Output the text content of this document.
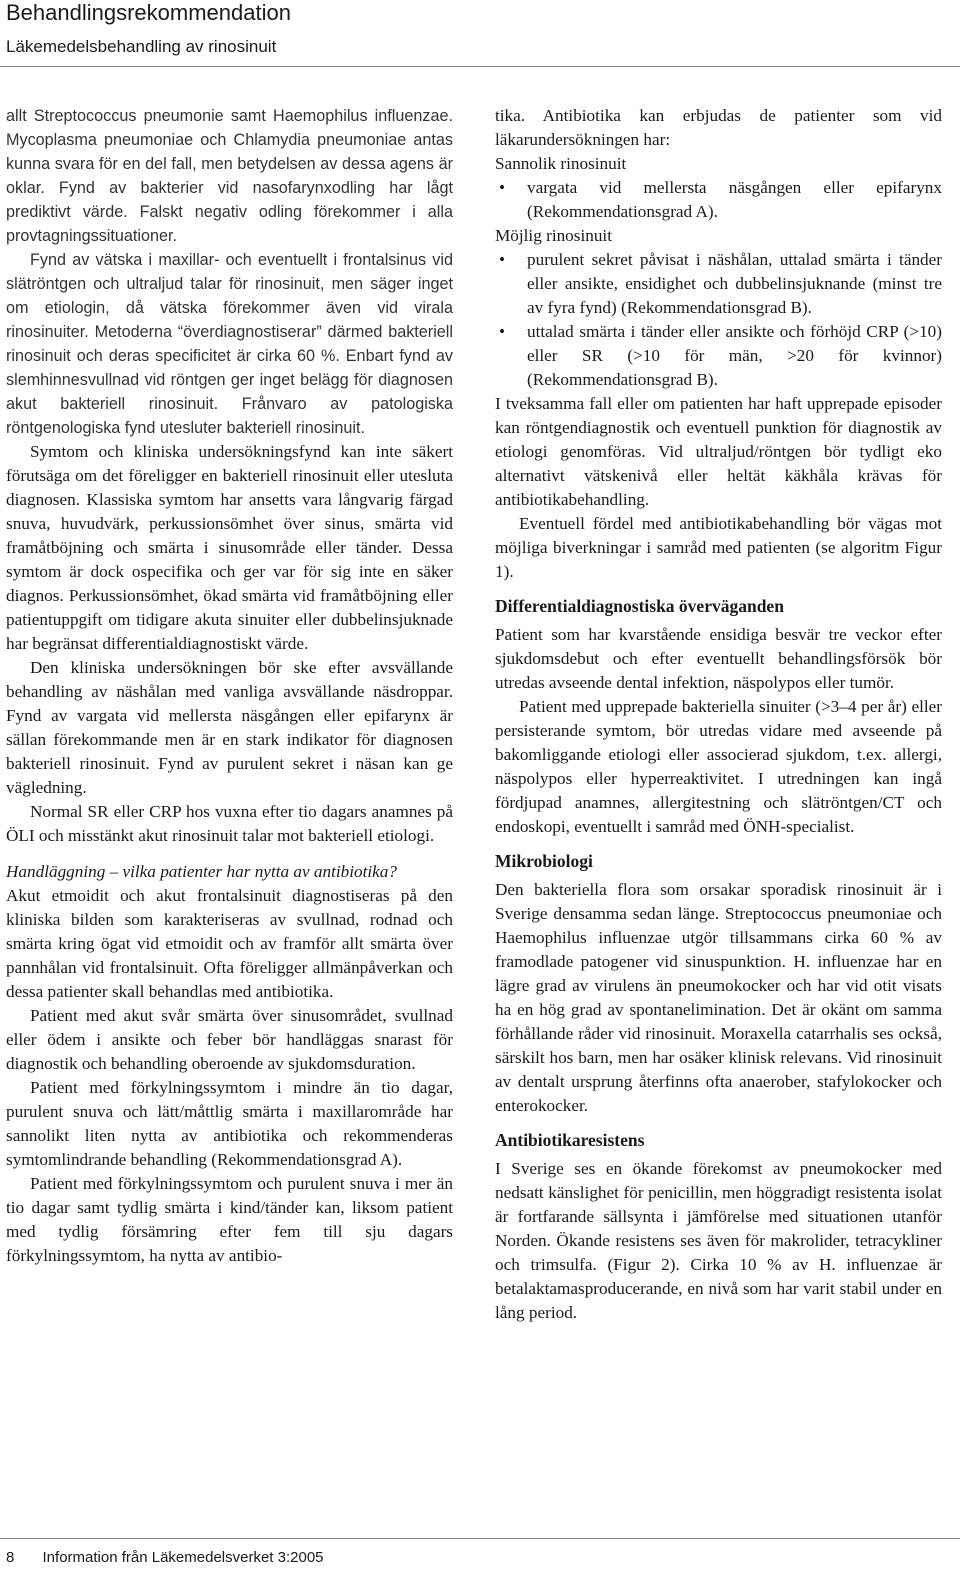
Behandlingsrekommendation
Läkemedelsbehandling av rinosinuit

allt Streptococcus pneumonie samt Haemophilus influenzae. Mycoplasma pneumoniae och Chlamydia pneumoniae antas kunna svara för en del fall, men betydelsen av dessa agens är oklar. Fynd av bakterier vid nasofarynxodling har lågt prediktivt värde. Falskt negativ odling förekommer i alla provtagningssituationer.

Fynd av vätska i maxillar- och eventuellt i frontalsinus vid slätröntgen och ultraljud talar för rinosinuit, men säger inget om etiologin, då vätska förekommer även vid virala rinosinuiter. Metoderna “överdiagnostiserar” därmed bakteriell rinosinuit och deras specificitet är cirka 60 %. Enbart fynd av slemhinnesvullnad vid röntgen ger inget belägg för diagnosen akut bakteriell rinosinuit. Frånvaro av patologiska röntgenologiska fynd utesluter bakteriell rinosinuit.

Symtom och kliniska undersökningsfynd kan inte säkert förutsäga om det föreligger en bakteriell rinosinuit eller utesluta diagnosen. Klassiska symtom har ansetts vara långvarig färgad snuva, huvudvärk, perkussionsömhet över sinus, smärta vid framåtböjning och smärta i sinusområde eller tänder. Dessa symtom är dock ospecifika och ger var för sig inte en säker diagnos. Perkussionsömhet, ökad smärta vid framåtböjning eller patientuppgift om tidigare akuta sinuiter eller dubbelinsjuknade har begränsat differentialdiagnostiskt värde.

Den kliniska undersökningen bör ske efter avsvällande behandling av näshålan med vanliga avsvällande näsdroppar. Fynd av vargata vid mellersta näsgången eller epifarynx är sällan förekommande men är en stark indikator för diagnosen bakteriell rinosinuit. Fynd av purulent sekret i näsan kan ge vägledning.

Normal SR eller CRP hos vuxna efter tio dagars anamnes på ÖLI och misstänkt akut rinosinuit talar mot bakteriell etiologi.

Handläggning – vilka patienter har nytta av antibiotika?

Akut etmoidit och akut frontalsinuit diagnostiseras på den kliniska bilden som karakteriseras av svullnad, rodnad och smärta kring ögat vid etmoidit och av framför allt smärta över pannhålan vid frontalsinuit. Ofta föreligger allmänpåverkan och dessa patienter skall behandlas med antibiotika.

Patient med akut svår smärta över sinusområdet, svullnad eller ödem i ansikte och feber bör handläggas snarast för diagnostik och behandling oberoende av sjukdomsduration.

Patient med förkylningssymtom i mindre än tio dagar, purulent snuva och lätt/måttlig smärta i maxillarområde har sannolikt liten nytta av antibiotika och rekommenderas symtomlindrande behandling (Rekommendationsgrad A).

Patient med förkylningssymtom och purulent snuva i mer än tio dagar samt tydlig smärta i kind/tänder kan, liksom patient med tydlig försämring efter fem till sju dagars förkylningssymtom, ha nytta av antibio-

tika. Antibiotika kan erbjudas de patienter som vid läkarundersökningen har:

Sannolik rinosinuit

• vargata vid mellersta näsgången eller epifarynx (Rekommendationsgrad A).

Möjlig rinosinuit

• purulent sekret påvisat i näshålan, uttalad smärta i tänder eller ansikte, ensidighet och dubbelinsjuknande (minst tre av fyra fynd) (Rekommendationsgrad B).
• uttalad smärta i tänder eller ansikte och förhöjd CRP (>10) eller SR (>10 för män, >20 för kvinnor) (Rekommendationsgrad B).

I tveksamma fall eller om patienten har haft upprepade episoder kan röntgendiagnostik och eventuell punktion för diagnostik av etiologi genomföras. Vid ultraljud/röntgen bör tydligt eko alternativt vätskenivå eller heltät käkhåla krävas för antibiotikabehandling.

Eventuell fördel med antibiotikabehandling bör vägas mot möjliga biverkningar i samråd med patienten (se algoritm Figur 1).

Differentialdiagnostiska överväganden

Patient som har kvarstående ensidiga besvär tre veckor efter sjukdomsdebut och efter eventuellt behandlingsförsök bör utredas avseende dental infektion, näspolypos eller tumör.

Patient med upprepade bakteriella sinuiter (>3–4 per år) eller persisterande symtom, bör utredas vidare med avseende på bakomliggande etiologi eller associerad sjukdom, t.ex. allergi, näspolypos eller hyperreaktivitet. I utredningen kan ingå fördjupad anamnes, allergitestning och slätröntgen/CT och endoskopi, eventuellt i samråd med ÖNH-specialist.

Mikrobiologi

Den bakteriella flora som orsakar sporadisk rinosinuit är i Sverige densamma sedan länge. Streptococcus pneumoniae och Haemophilus influenzae utgör tillsammans cirka 60 % av framodlade patogener vid sinuspunktion. H. influenzae har en lägre grad av virulens än pneumokocker och har vid otit visats ha en hög grad av spontanelimination. Det är okänt om samma förhållande råder vid rinosinuit. Moraxella catarrhalis ses också, särskilt hos barn, men har osäker klinisk relevans. Vid rinosinuit av dentalt ursprung återfinns ofta anaerober, stafylokocker och enterokocker.

Antibiotikaresistens

I Sverige ses en ökande förekomst av pneumokocker med nedsatt känslighet för penicillin, men höggradigt resistenta isolat är fortfarande sällsynta i jämförelse med situationen utanför Norden. Ökande resistens ses även för makrolider, tetracykliner och trimsulfa. (Figur 2). Cirka 10 % av H. influenzae är betalaktamasproducerande, en nivå som har varit stabil under en lång period.

8 Information från Läkemedelsverket 3:2005
